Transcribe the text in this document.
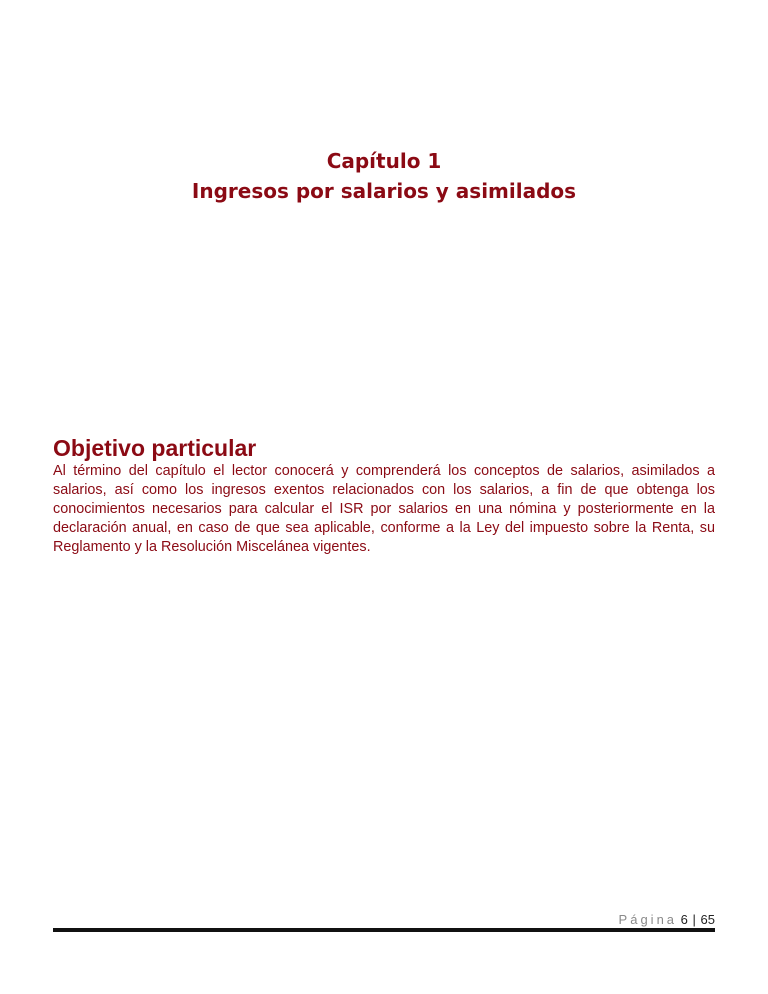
Capítulo 1
Ingresos por salarios y asimilados
Objetivo particular

Al término del capítulo el lector conocerá y comprenderá los conceptos de salarios, asimilados a salarios, así como los ingresos exentos relacionados con los salarios, a fin de que obtenga los conocimientos necesarios para calcular el ISR por salarios en una nómina y posteriormente en la declaración anual, en caso de que sea aplicable, conforme a la Ley del impuesto sobre la Renta, su Reglamento y la Resolución Miscelánea vigentes.

Página 6 | 65
